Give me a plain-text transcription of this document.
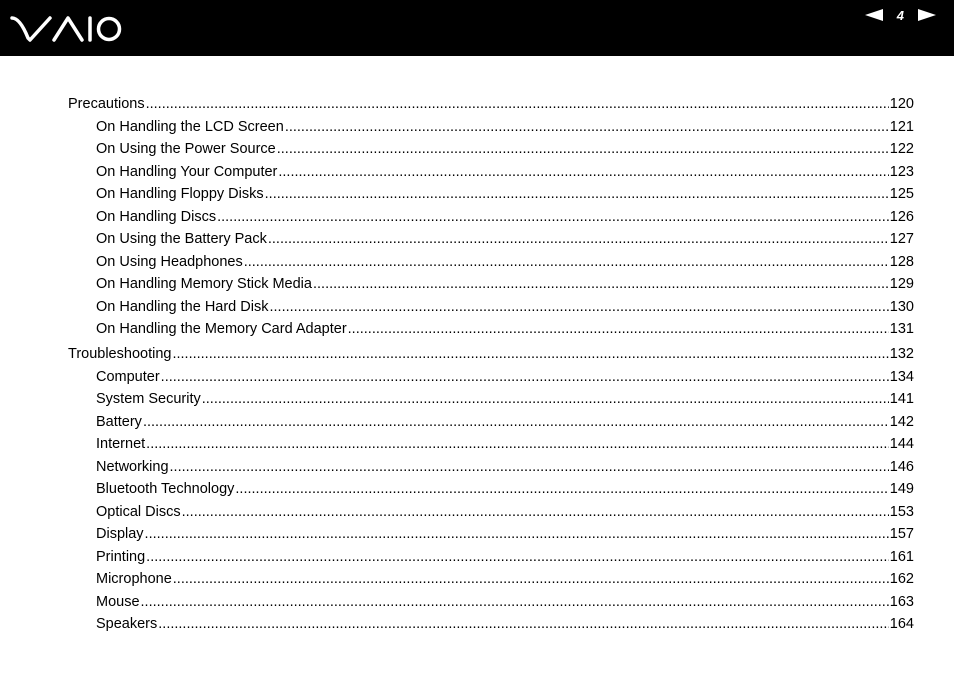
4
Precautions .....	120
On Handling the LCD Screen .....	121
On Using the Power Source .....	122
On Handling Your Computer .....	123
On Handling Floppy Disks .....	125
On Handling Discs .....	126
On Using the Battery Pack .....	127
On Using Headphones .....	128
On Handling Memory Stick Media .....	129
On Handling the Hard Disk .....	130
On Handling the Memory Card Adapter .....	131
Troubleshooting .....	132
Computer .....	134
System Security .....	141
Battery .....	142
Internet .....	144
Networking .....	146
Bluetooth Technology .....	149
Optical Discs .....	153
Display .....	157
Printing .....	161
Microphone .....	162
Mouse .....	163
Speakers .....	164
